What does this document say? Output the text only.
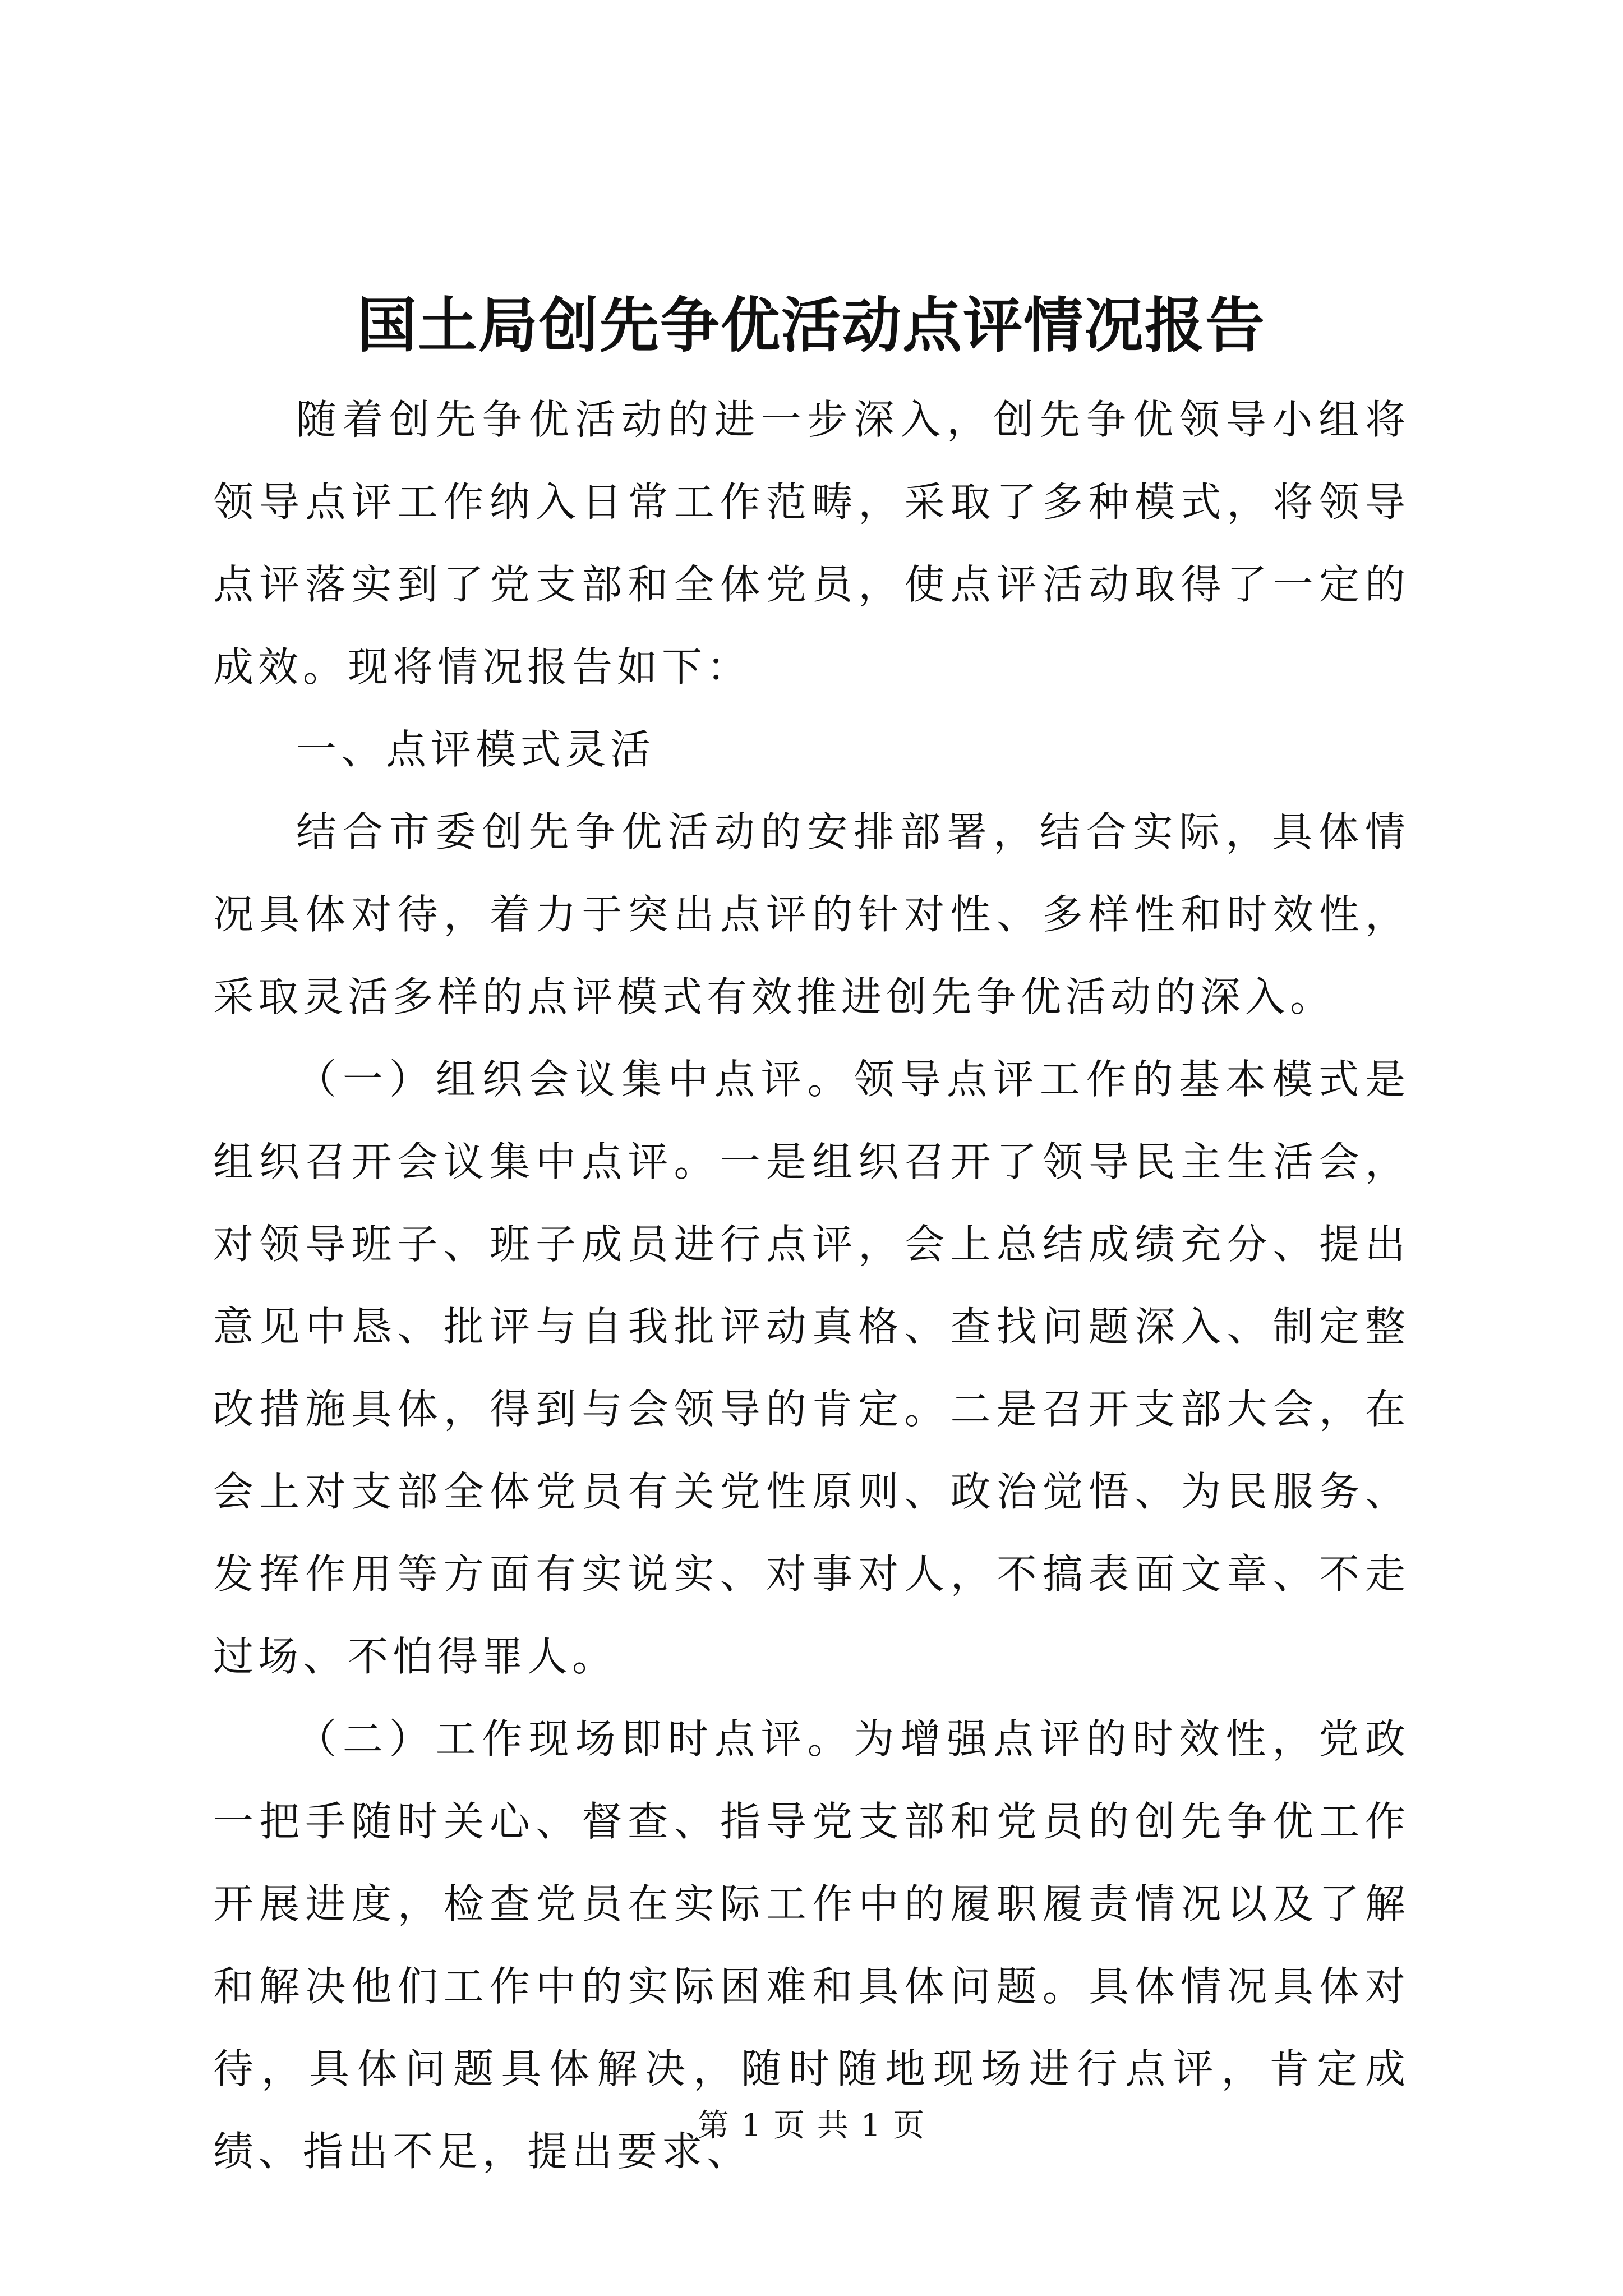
国土局创先争优活动点评情况报告

随着创先争优活动的进一步深入，创先争优领导小组将领导点评工作纳入日常工作范畴，采取了多种模式，将领导点评落实到了党支部和全体党员，使点评活动取得了一定的成效。现将情况报告如下：

一、点评模式灵活

结合市委创先争优活动的安排部署，结合实际，具体情况具体对待，着力于突出点评的针对性、多样性和时效性，采取灵活多样的点评模式有效推进创先争优活动的深入。

（一）组织会议集中点评。领导点评工作的基本模式是组织召开会议集中点评。一是组织召开了领导民主生活会，对领导班子、班子成员进行点评，会上总结成绩充分、提出意见中恳、批评与自我批评动真格、查找问题深入、制定整改措施具体，得到与会领导的肯定。二是召开支部大会，在会上对支部全体党员有关党性原则、政治觉悟、为民服务、发挥作用等方面有实说实、对事对人，不搞表面文章、不走过场、不怕得罪人。

（二）工作现场即时点评。为增强点评的时效性，党政一把手随时关心、督查、指导党支部和党员的创先争优工作开展进度，检查党员在实际工作中的履职履责情况以及了解和解决他们工作中的实际困难和具体问题。具体情况具体对待，具体问题具体解决，随时随地现场进行点评，肯定成绩、指出不足，提出要求、

第 1 页 共 1 页
